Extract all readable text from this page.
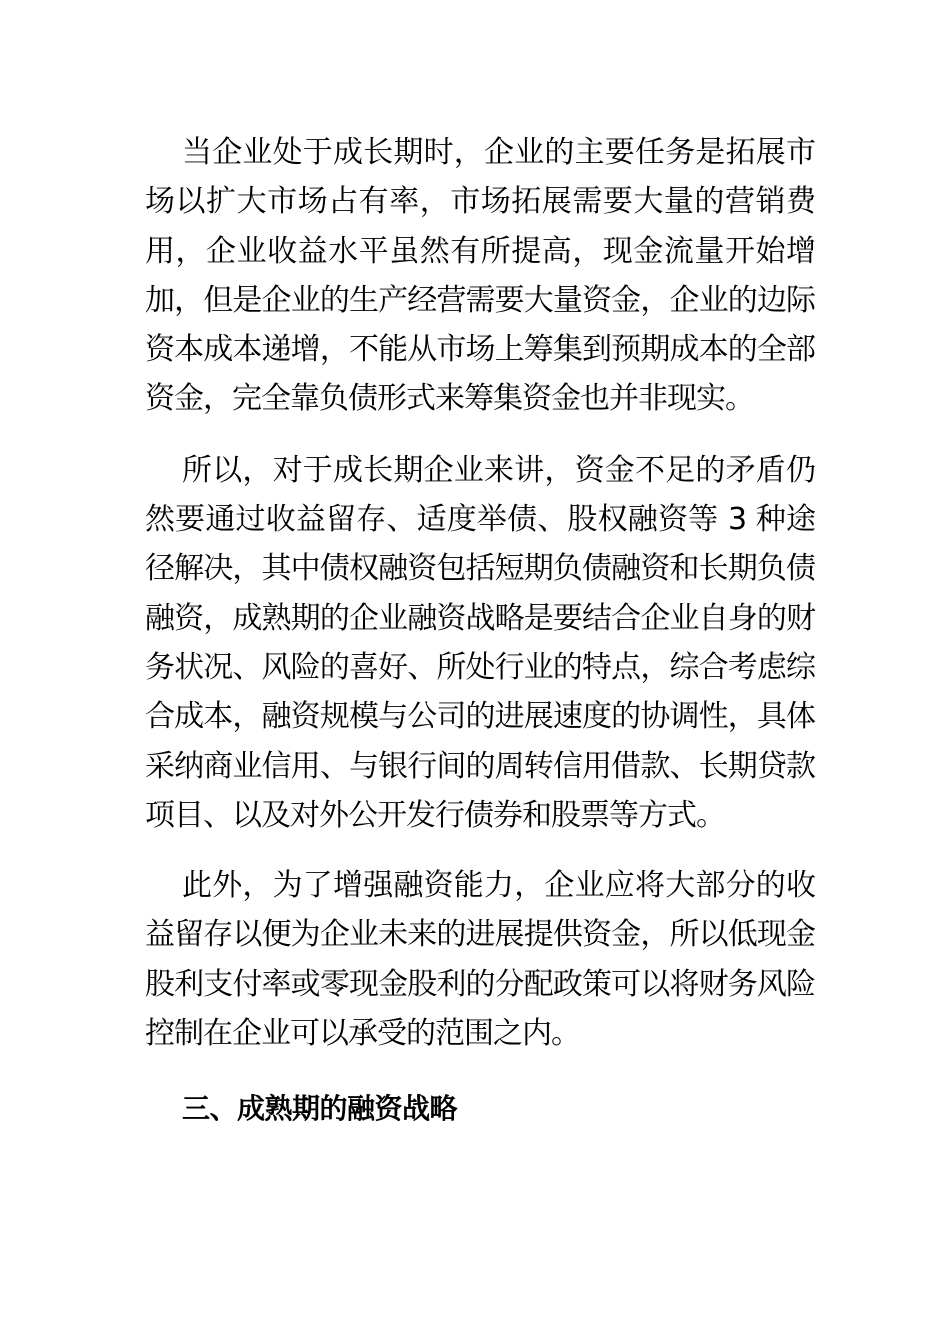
当企业处于成长期时，企业的主要任务是拓展市场以扩大市场占有率，市场拓展需要大量的营销费用，企业收益水平虽然有所提高，现金流量开始增加，但是企业的生产经营需要大量资金，企业的边际资本成本递增，不能从市场上筹集到预期成本的全部资金，完全靠负债形式来筹集资金也并非现实。

所以，对于成长期企业来讲，资金不足的矛盾仍然要通过收益留存、适度举债、股权融资等 3 种途径解决，其中债权融资包括短期负债融资和长期负债融资，成熟期的企业融资战略是要结合企业自身的财务状况、风险的喜好、所处行业的特点，综合考虑综合成本，融资规模与公司的进展速度的协调性，具体采纳商业信用、与银行间的周转信用借款、长期贷款项目、以及对外公开发行债券和股票等方式。

此外，为了增强融资能力，企业应将大部分的收益留存以便为企业未来的进展提供资金，所以低现金股利支付率或零现金股利的分配政策可以将财务风险控制在企业可以承受的范围之内。

三、成熟期的融资战略
